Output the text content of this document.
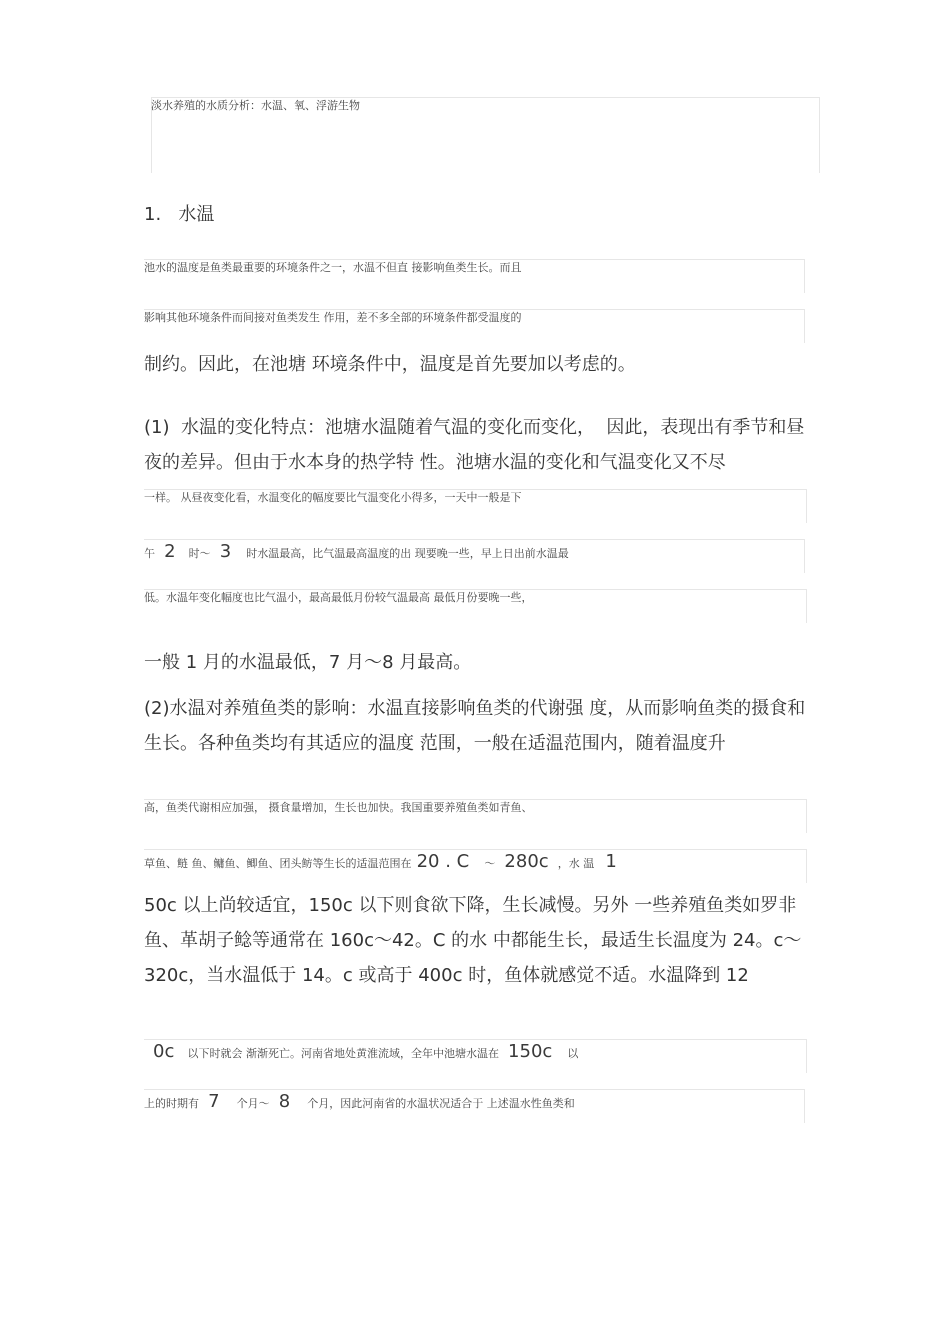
淡水养殖的水质分析：水温、氧、浮游生物
1.   水温
池水的温度是鱼类最重要的环境条件之一，水温不但直 接影响鱼类生长。而且
影响其他环境条件而间接对鱼类发生 作用，差不多全部的环境条件都受温度的
制约。因此，在池塘 环境条件中，温度是首先要加以考虑的。
(1)  水温的变化特点：池塘水温随着气温的变化而变化，  因此，表现出有季节和昼夜的差异。但由于水本身的热学特 性。池塘水温的变化和气温变化又不尽
一样。 从昼夜变化看，水温变化的幅度要比气温变化小得多，一天中一般是下
午 2 时～ 3 时水温最高，比气温最高温度的出 现要晚一些，早上日出前水温最
低。水温年变化幅度也比气温小，最高最低月份较气温最高 最低月份要晚一些，
一般 1 月的水温最低，7 月～8 月最高。
(2)水温对养殖鱼类的影响：水温直接影响鱼类的代谢强 度，从而影响鱼类的摄食和生长。各种鱼类均有其适应的温度 范围，一般在适温范围内，随着温度升
高，鱼类代谢相应加强， 摄食量增加，生长也加快。我国重要养殖鱼类如青鱼、
草鱼、鲢 鱼、鳙鱼、鲫鱼、团头鲂等生长的适温范围在 20 . C ～ 280c ，水 温 1
50c 以上尚较适宜，150c 以下则食欲下降，生长减慢。另外 一些养殖鱼类如罗非鱼、革胡子鲶等通常在 160c～42。C 的水 中都能生长，最适生长温度为 24。c～320c，当水温低于 14。c 或高于 400c 时，鱼体就感觉不适。水温降到 12
0c 以下时就会 渐渐死亡。河南省地处黄淮流域，全年中池塘水温在 150c 以
上的时期有 7 个月～ 8 个月，因此河南省的水温状况适合于 上述温水性鱼类和
